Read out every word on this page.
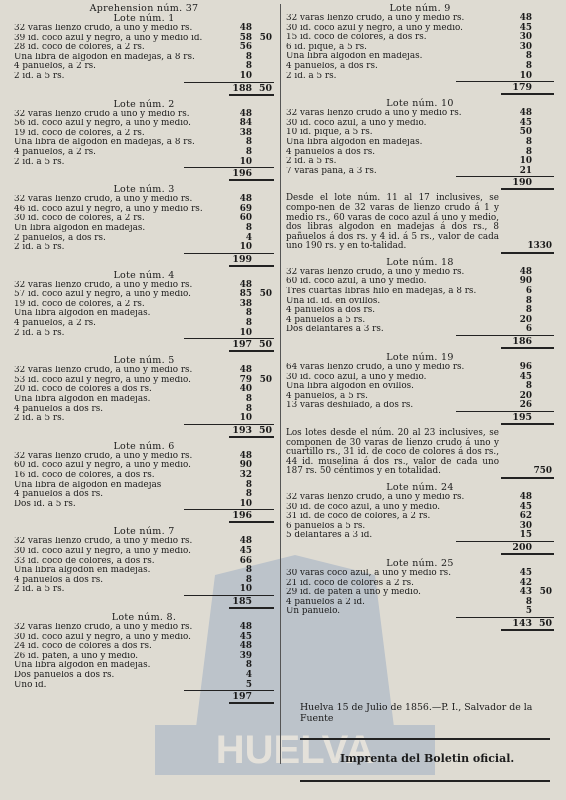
HUELVA
Aprehension núm. 37
Lote núm. 1
32 varas lienzo crudo, á uno y medio rs.	48
39 id. coco azul y negro, á uno y medio id.	58 50
28 id. coco de colores, á 2 rs.	56
Una libra de algodon en madejas, á 8 rs.	8
4 pañuelos, á 2 rs.	8
2 id. á 5 rs.	10
188 50
Lote núm. 2
32 varas lienzo crudo á uno y medio rs.	48
56 id. coco azul y negro, á uno y medio.	84
19 id. coco de colores, á 2 rs.	38
Una libra de algodon en madejas, á 8 rs.	8
4 pañuelos, á 2 rs.	8
2 id. á 5 rs.	10
196
Lote núm. 3
32 varas lienzo crudo, á uno y medio rs.	48
46 id. coco azul y negro, á uno y medio rs.	69
30 id. coco de colores, á 2 rs.	60
Un libra algodon en madejas.	8
2 pañuelos, á dos rs.	4
2 id. á 5 rs.	10
199
Lote núm. 4
32 varas lienzo crudo, á uno y medio rs.	48
57 id. coco azul y negro, á uno y medio.	85 50
19 id. coco de colores, á 2 rs.	38
Una libra algodon en madejas.	8
4 pañuelos, á 2 rs.	8
2 id. á 5 rs.	10
197 50
Lote núm. 5
32 varas lienzo crudo, á uno y medio rs.	48
53 id. coco azul y negro, á uno y medio.	79 50
20 id. coco de colores á dos rs.	40
Una libra algodon en madejas.	8
4 pañuelos á dos rs.	8
2 id. á 5 rs.	10
193 50
Lote núm. 6
32 varas lienzo crudo, á uno y medio rs.	48
60 id. coco azul y negro, á uno y medio.	90
16 id. coco de colores, á dos rs.	32
Una libra de algodon en madejas	8
4 pañuelos á dos rs.	8
Dos id. á 5 rs.	10
196
Lote núm. 7
32 varas lienzo crudo, á uno y medio rs.	48
30 id. coco azul y negro, á uno y medio.	45
33 id. coco de colores, á dos rs.	66
Una libra algodon en madejas.	8
4 pañuelos á dos rs.	8
2 id. á 5 rs.	10
185
Lote núm. 8.
32 varas lienzo crudo, á uno y medio rs.	48
30 id. coco azul y negro, á uno y medio.	45
24 id. coco de colores á dos rs.	48
26 id. paten, á uno y medio.	39
Una libra algodon en madejas.	8
Dos pañuelos á dos rs.	4
Uno id.	5
197
Lote núm. 9
32 varas lienzo crudo, á uno y medio rs.	48
30 id. coco azul y negro, á uno y medio.	45
15 id. coco de colores, á dos rs.	30
6 id. piqué, á 5 rs.	30
Una libra algodon en madejas.	8
4 pañuelos, á dos rs.	8
2 id. á 5 rs.	10
179
Lote núm. 10
32 varas lienzo crudo á uno y medio rs.	48
30 id. coco azul, á uno y medio.	45
10 id. piqué, á 5 rs.	50
Una libra algodon en madejas.	8
4 pañuelos á dos rs.	8
2 id. á 5 rs.	10
7 varas pana, á 3 rs.	21
190
Desde el lote núm. 11 al 17 inclusives, se compo-nen de 32 varas de lienzo crudo á 1 y medio rs., 60 varas de coco azul á uno y medio, dos libras algodon en madejas á dos rs., 8 pañuelos á dos rs. y 4 id. á 5 rs., valor de cada uno 190 rs. y en to-talidad.	1330
Lote núm. 18
32 varas lienzo crudo, á uno y medio rs.	48
60 id. coco azul, á uno y medio.	90
Tres cuartas libras hilo en madejas, á 8 rs.	6
Una id. id. en ovillos.	8
4 pañuelos á dos rs.	8
4 pañuelos á 5 rs.	20
Dos delantares á 3 rs.	6
186
Lote núm. 19
64 varas lienzo crudo, á uno y medio rs.	96
30 id. coco azul, á uno y medio.	45
Una libra algodon en ovillos.	8
4 pañuelos, á 5 rs.	20
13 varas deshilado, á dos rs.	26
195
Los lotes desde el núm. 20 al 23 inclusives, se componen de 30 varas de lienzo crudo á uno y cuartillo rs., 31 id. de coco de colores á dos rs., 44 id. muselina á dos rs., valor de cada uno 187 rs. 50 céntimos y en totalidad.	750
Lote núm. 24
32 varas lienzo crudo, á uno y medio rs.	48
30 id. de coco azul, á uno y medio.	45
31 id. de coco de colores, á 2 rs.	62
6 pañuelos á 5 rs.	30
5 delantares á 3 id.	15
200
Lote núm. 25
30 varas coco azul, á uno y medio rs.	45
21 id. coco de colores á 2 rs.	42
29 id. de paten á uno y medio.	43 50
4 pañuelos á 2 id.	8
Un pañuelo.	5
143 50
Huelva 15 de Julio de 1856.—P. I., Salvador de la Fuente
Imprenta del Boletin oficial.
